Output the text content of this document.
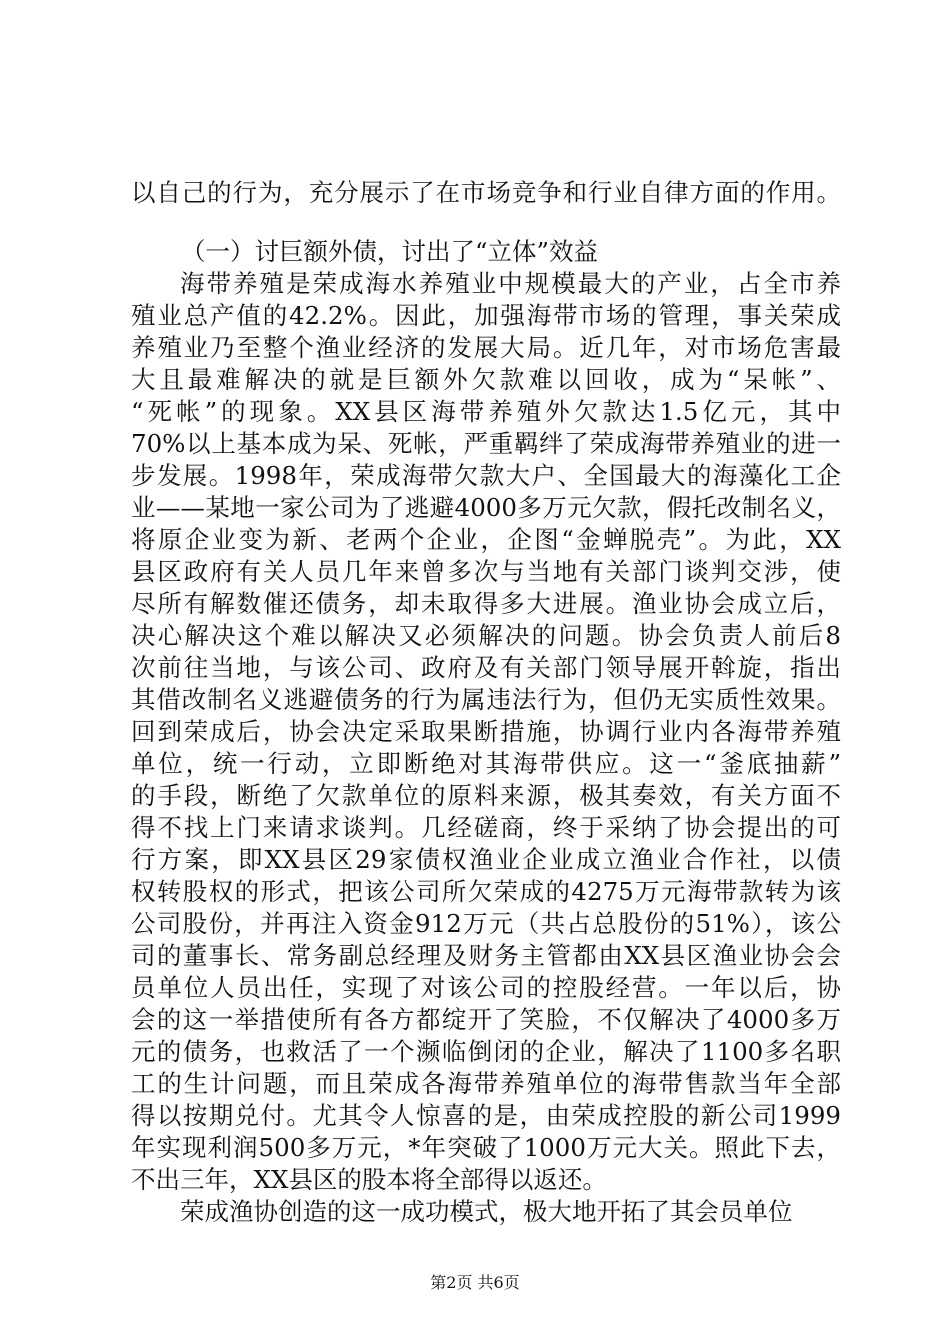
以自己的行为，充分展示了在市场竞争和行业自律方面的作用。
（一）讨巨额外债，讨出了“立体”效益
海带养殖是荣成海水养殖业中规模最大的产业，占全市养
殖业总产值的42.2%。因此，加强海带市场的管理，事关荣成
养殖业乃至整个渔业经济的发展大局。近几年，对市场危害最
大且最难解决的就是巨额外欠款难以回收，成为“呆帐”、
“死帐”的现象。XX县区海带养殖外欠款达1.5亿元，其中
70%以上基本成为呆、死帐，严重羁绊了荣成海带养殖业的进一
步发展。1998年，荣成海带欠款大户、全国最大的海藻化工企
业——某地一家公司为了逃避4000多万元欠款，假托改制名义，
将原企业变为新、老两个企业，企图“金蝉脱壳”。为此，XX
县区政府有关人员几年来曾多次与当地有关部门谈判交涉，使
尽所有解数催还债务，却未取得多大进展。渔业协会成立后，
决心解决这个难以解决又必须解决的问题。协会负责人前后8
次前往当地，与该公司、政府及有关部门领导展开斡旋，指出
其借改制名义逃避债务的行为属违法行为，但仍无实质性效果。
回到荣成后，协会决定采取果断措施，协调行业内各海带养殖
单位，统一行动，立即断绝对其海带供应。这一“釜底抽薪”
的手段，断绝了欠款单位的原料来源，极其奏效，有关方面不
得不找上门来请求谈判。几经磋商，终于采纳了协会提出的可
行方案，即XX县区29家债权渔业企业成立渔业合作社，以债
权转股权的形式，把该公司所欠荣成的4275万元海带款转为该
公司股份，并再注入资金912万元（共占总股份的51%），该公
司的董事长、常务副总经理及财务主管都由XX县区渔业协会会
员单位人员出任，实现了对该公司的控股经营。一年以后，协
会的这一举措使所有各方都绽开了笑脸，不仅解决了4000多万
元的债务，也救活了一个濒临倒闭的企业，解决了1100多名职
工的生计问题，而且荣成各海带养殖单位的海带售款当年全部
得以按期兑付。尤其令人惊喜的是，由荣成控股的新公司1999
年实现利润500多万元，*年突破了1000万元大关。照此下去，
不出三年，XX县区的股本将全部得以返还。
荣成渔协创造的这一成功模式，极大地开拓了其会员单位
第2页 共6页
